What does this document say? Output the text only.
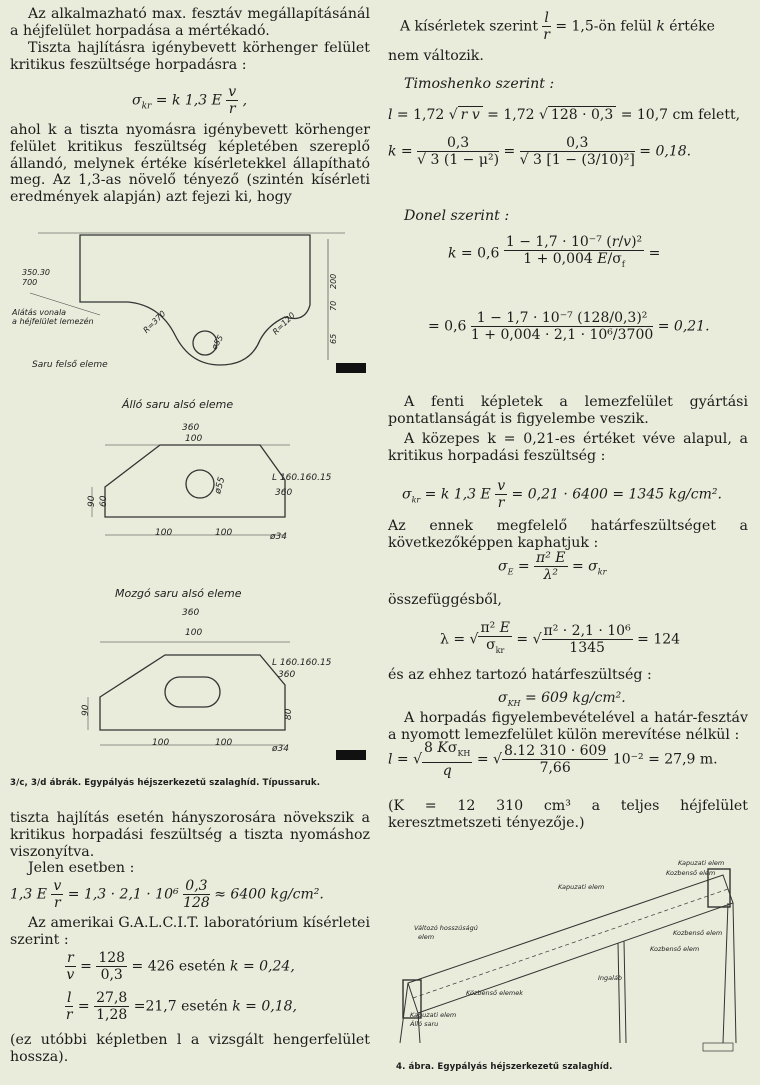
Az alkalmazható max. fesztáv megállapításánál a héjfelület horpadása a mértékadó.
Tiszta hajlításra igénybevett körhenger felület kritikus feszültsége horpadásra :
$\sigma_{kr} = k$ 1,3 E $\frac{v}{r}$ ,
ahol k a tiszta nyomásra igénybevett körhenger felület kritikus feszültség képletében szereplő állandó, melynek értéke kísérletekkel állapítható meg. Az 1,3-as növelő tényező (szintén kísérleti eredmények alapján) azt fejezi ki, hogy
350.30
700
Alátás vonala
a héjfelület lemezén
Saru felső eleme
200
70
65
R=370	R=120
ø55
Álló saru alsó eleme
360
100
L 160.160.15
360
90 60
100	100	ø34
ø55
Mozgó saru alsó eleme
360
100
L 160.160.15
360
90	80
100	100
ø34
3/c, 3/d ábrák. Egypályás héjszerkezetű szalaghíd. Típussaruk.
tiszta hajlítás esetén hányszorosára növekszik a kritikus horpadási feszültség a tiszta nyomáshoz viszonyítva.
Jelen esetben :
1,3 E $\frac{v}{r} = 1,3 \cdot 2,1 \cdot 10^6 \frac{0,3}{128} \approx 6400$ kg/cm².
Az amerikai G.A.L.C.I.T. laboratórium kísérletei szerint :
$\frac{r}{v} = \frac{128}{0,3} = 426$ esetén k = 0,24,
$\frac{l}{r} = \frac{27,8}{1,28} =21,7$ esetén k = 0,18,
(ez utóbbi képletben l a vizsgált hengerfelület hossza).
A kísérletek szerint $\frac{l}{r}$ = 1,5-ön felül k értéke
nem változik.
Timoshenko szerint :
l = 1,72 √ r v = 1,72 √ 128 · 0,3 = 10,7 cm felett,
$k = \frac{0,3}{\text{√ 3 (1 − μ²)}} = \frac{0,3}{\text{√ 3 [1 − (3/10)²]}} = 0,18$.
Donel szerint :
$k = 0,6 \frac{\text{1 − 1,7 · 10⁻⁷ (r/v)²}}{1 + 0,004 E/\sigma_f}$ =
= $0,6 \frac{\text{1 − 1,7 · 10⁻⁷ (128/0,3)²}}{\text{1 + 0,004 · 2,1 · 10⁶/3700}} = 0,21$.
A fenti képletek a lemezfelület gyártási pontatlanságát is figyelembe veszik.
A közepes k = 0,21-es értéket véve alapul, a kritikus horpadási feszültség :
$\sigma_{kr} = k$ 1,3 E $\frac{v}{r} = 0,21 \cdot 6400 = 1345$ kg/cm².
Az ennek megfelelő határfeszültséget a következőképpen kaphatjuk :
$\sigma_E = \frac{\text{π² E}}{\text{λ²}} = \sigma_{kr}$
összefüggésből,
λ = √ $\frac{\text{π² E}}{\sigma_{kr}}$ = √ $\frac{\text{π² · 2,1 · 10⁶}}{1345} = 124$
és az ehhez tartozó határfeszültség :
$\sigma_{KH} = 609$ kg/cm².
A horpadás figyelembevételével a határ-fesztáv a nyomott lemezfelület külön merevítése nélkül :
l = √ $\frac{8 K\sigma_{KH}}{q}$ = √ $\frac{8.12 310 \cdot 609}{7,66} 10^{-2} = 27,9$ m.
(K = 12 310 cm³ a teljes héjfelület keresztmetszeti tényezője.)
Kapuzati elem
Kozbenső elem
Kapuzati elem
Változó hosszúságú
elem
Közbenső elemek
Kapuzati elem
Álló saru
Kozbenső elem
Kozbenső elem
Ingaláb
4. ábra. Egypályás héjszerkezetű szalaghíd.
